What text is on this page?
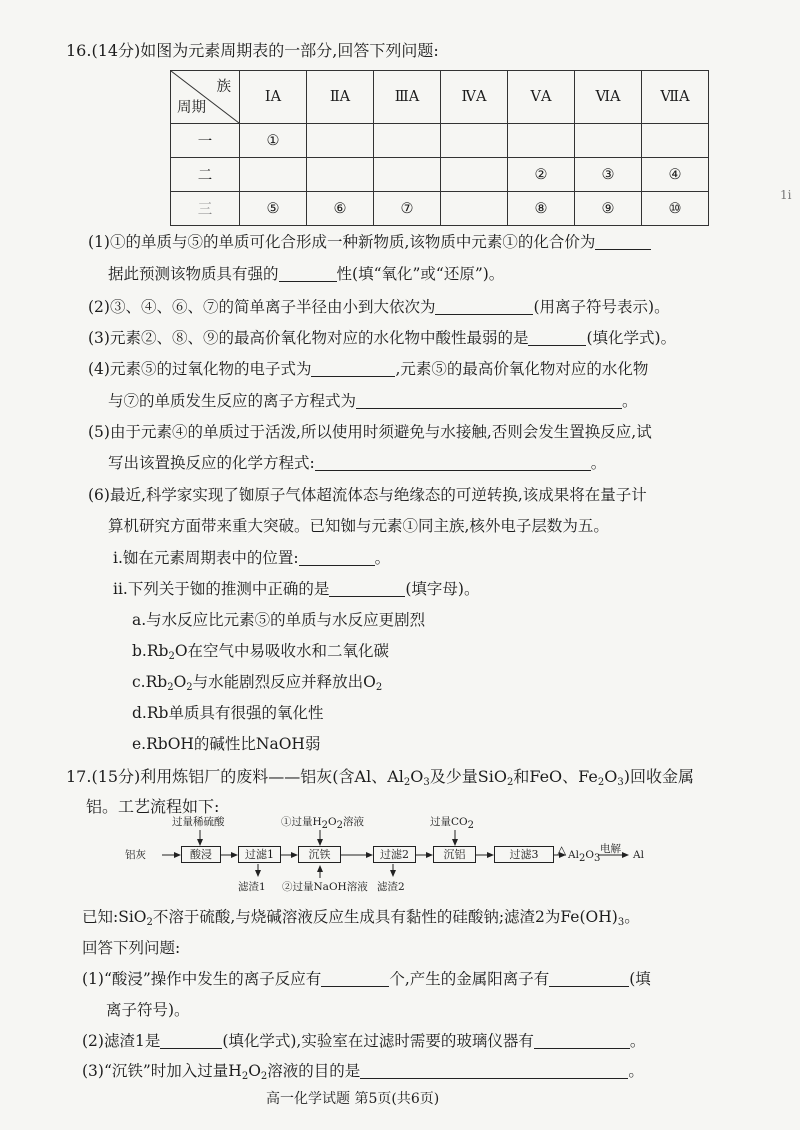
16.(14分)如图为元素周期表的一部分,回答下列问题:
族
周期	ⅠA	ⅡA	ⅢA	ⅣA	ⅤA	ⅥA	ⅦA
一	①						
二					②	③	④
三	⑤	⑥	⑦		⑧	⑨	⑩
1i
(1)①的单质与⑤的单质可化合形成一种新物质,该物质中元素①的化合价为
据此预测该物质具有强的	性(填“氧化”或“还原”)。
(2)③、④、⑥、⑦的简单离子半径由小到大依次为	(用离子符号表示)。
(3)元素②、⑧、⑨的最高价氧化物对应的水化物中酸性最弱的是	(填化学式)。
(4)元素⑤的过氧化物的电子式为	,元素⑤的最高价氧化物对应的水化物
与⑦的单质发生反应的离子方程式为	。
(5)由于元素④的单质过于活泼,所以使用时须避免与水接触,否则会发生置换反应,试
写出该置换反应的化学方程式:	。
(6)最近,科学家实现了铷原子气体超流体态与绝缘态的可逆转换,该成果将在量子计
算机研究方面带来重大突破。已知铷与元素①同主族,核外电子层数为五。
ⅰ.铷在元素周期表中的位置:	。
ⅱ.下列关于铷的推测中正确的是	(填字母)。
a.与水反应比元素⑤的单质与水反应更剧烈
$b.Rb_2O$在空气中易吸收水和二氧化碳
$c.Rb_2O_2$与水能剧烈反应并释放出$O_2$
d.Rb单质具有很强的氧化性
e.RbOH的碱性比NaOH弱
17.(15分)利用炼铝厂的废料——铝灰(含Al、$Al_2O_3$及少量SiO$_2$和FeO、$Fe_2O_3$)回收金属
铝。工艺流程如下:
铝灰	酸浸	过滤1	沉铁	过滤2	沉铝	过滤3
过量稀硫酸	①过量$H_2O_2$溶液	过量$CO_2$
滤渣1 ②过量NaOH溶液 滤渣2
△ $Al_2O_3$
电解 Al
已知:SiO$_2$不溶于硫酸,与烧碱溶液反应生成具有黏性的硅酸钠;滤渣2为$Fe(OH)_3$。
回答下列问题:
(1)“酸浸”操作中发生的离子反应有	个,产生的金属阳离子有	(填
离子符号)。
(2)滤渣1是	(填化学式),实验室在过滤时需要的玻璃仪器有	。
(3)“沉铁”时加入过量$H_2O_2$溶液的目的是	。
高一化学试题 第5页(共6页)
